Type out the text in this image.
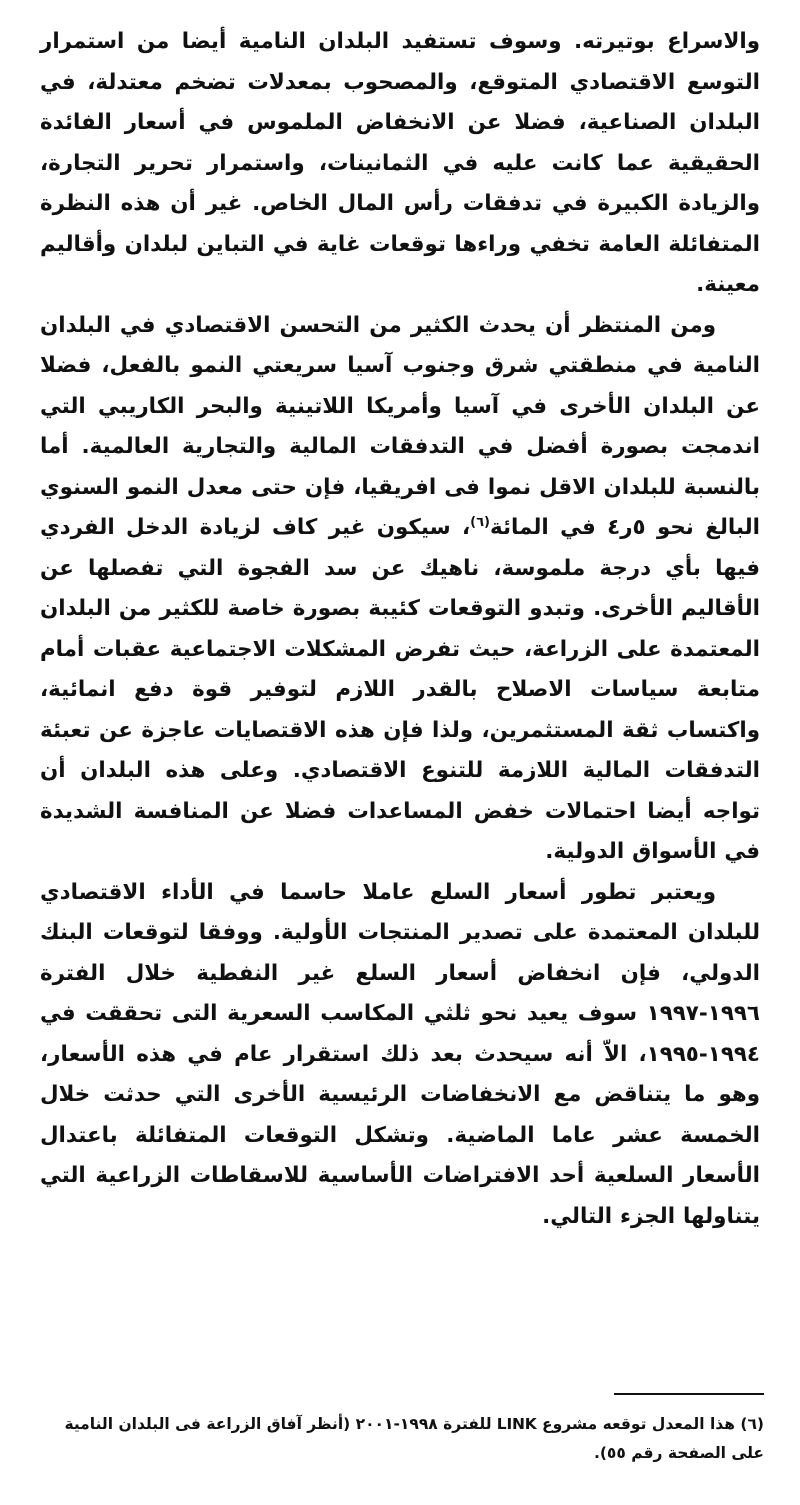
والاسراع بوتيرته. وسوف تستفيد البلدان النامية أيضا من استمرار التوسع الاقتصادي المتوقع، والمصحوب بمعدلات تضخم معتدلة، في البلدان الصناعية، فضلا عن الانخفاض الملموس في أسعار الفائدة الحقيقية عما كانت عليه في الثمانينات، واستمرار تحرير التجارة، والزيادة الكبيرة في تدفقات رأس المال الخاص. غير أن هذه النظرة المتفائلة العامة تخفي وراءها توقعات غاية في التباين لبلدان وأقاليم معينة.

ومن المنتظر أن يحدث الكثير من التحسن الاقتصادي في البلدان النامية في منطقتي شرق وجنوب آسيا سريعتي النمو بالفعل، فضلا عن البلدان الأخرى في آسيا وأمريكا اللاتينية والبحر الكاريبي التي اندمجت بصورة أفضل في التدفقات المالية والتجارية العالمية. أما بالنسبة للبلدان الاقل نموا فى افريقيا، فإن حتى معدل النمو السنوي البالغ نحو ٥ر٤ في المائة$^{(٦)}$، سيكون غير كاف لزيادة الدخل الفردي فيها بأي درجة ملموسة، ناهيك عن سد الفجوة التي تفصلها عن الأقاليم الأخرى. وتبدو التوقعات كئيبة بصورة خاصة للكثير من البلدان المعتمدة على الزراعة، حيث تفرض المشكلات الاجتماعية عقبات أمام متابعة سياسات الاصلاح بالقدر اللازم لتوفير قوة دفع انمائية، واكتساب ثقة المستثمرين، ولذا فإن هذه الاقتصايات عاجزة عن تعبئة التدفقات المالية اللازمة للتنوع الاقتصادي. وعلى هذه البلدان أن تواجه أيضا احتمالات خفض المساعدات فضلا عن المنافسة الشديدة في الأسواق الدولية.

ويعتبر تطور أسعار السلع عاملا حاسما في الأداء الاقتصادي للبلدان المعتمدة على تصدير المنتجات الأولية. ووفقا لتوقعات البنك الدولي، فإن انخفاض أسعار السلع غير النفطية خلال الفترة ١٩٩٦-١٩٩٧ سوف يعيد نحو ثلثي المكاسب السعرية التى تحققت في ١٩٩٤-١٩٩٥، الاّ أنه سيحدث بعد ذلك استقرار عام في هذه الأسعار، وهو ما يتناقض مع الانخفاضات الرئيسية الأخرى التي حدثت خلال الخمسة عشر عاما الماضية. وتشكل التوقعات المتفائلة باعتدال الأسعار السلعية أحد الافتراضات الأساسية للاسقاطات الزراعية التي يتناولها الجزء التالي.

(٦) هذا المعدل توقعه مشروع LINK للفترة ١٩٩٨-٢٠٠١ (أنظر آفاق الزراعة فى البلدان النامية على الصفحة رقم ٥٥).
